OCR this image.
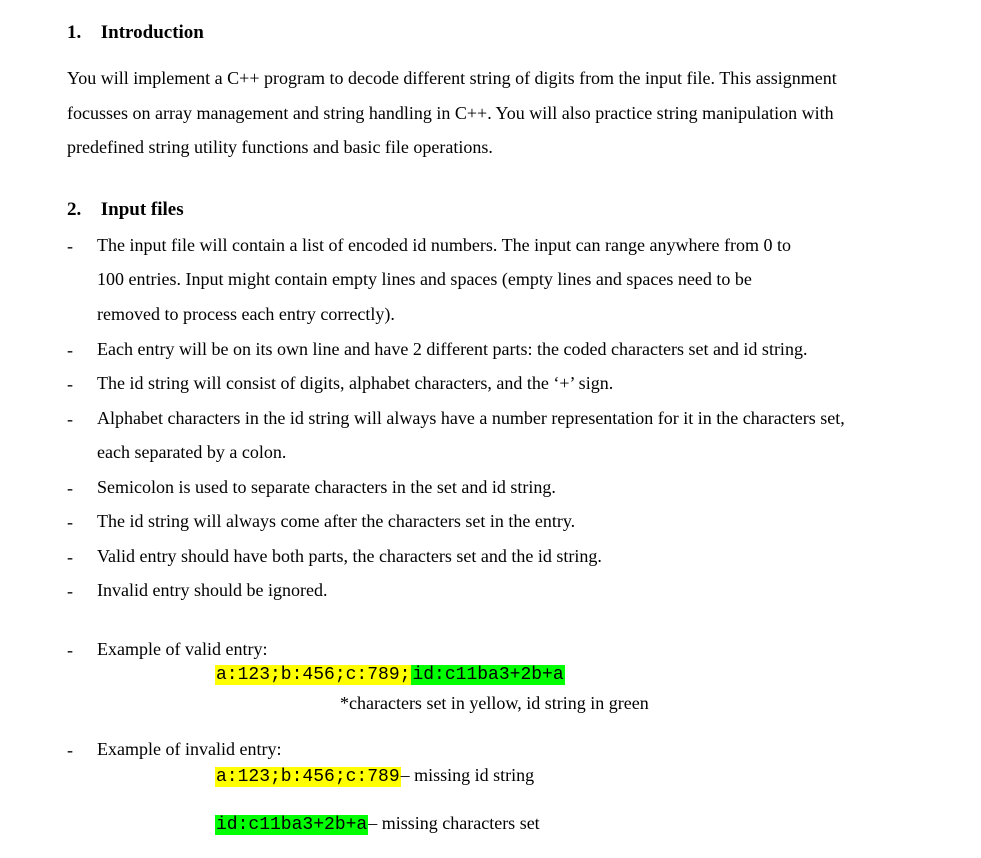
1. Introduction
You will implement a C++ program to decode different string of digits from the input file. This assignment
focusses on array management and string handling in C++. You will also practice string manipulation with
predefined string utility functions and basic file operations.
2. Input files
- The input file will contain a list of encoded id numbers. The input can range anywhere from 0 to
100 entries. Input might contain empty lines and spaces (empty lines and spaces need to be
removed to process each entry correctly).
- Each entry will be on its own line and have 2 different parts: the coded characters set and id string.
- The id string will consist of digits, alphabet characters, and the ‘+’ sign.
- Alphabet characters in the id string will always have a number representation for it in the characters set,
each separated by a colon.
- Semicolon is used to separate characters in the set and id string.
- The id string will always come after the characters set in the entry.
- Valid entry should have both parts, the characters set and the id string.
- Invalid entry should be ignored.
- Example of valid entry:
a:123;b:456;c:789; id:c11ba3+2b+a
*characters set in yellow, id string in green
- Example of invalid entry:
a:123;b:456;c:789– missing id string
id:c11ba3+2b+a– missing characters set
